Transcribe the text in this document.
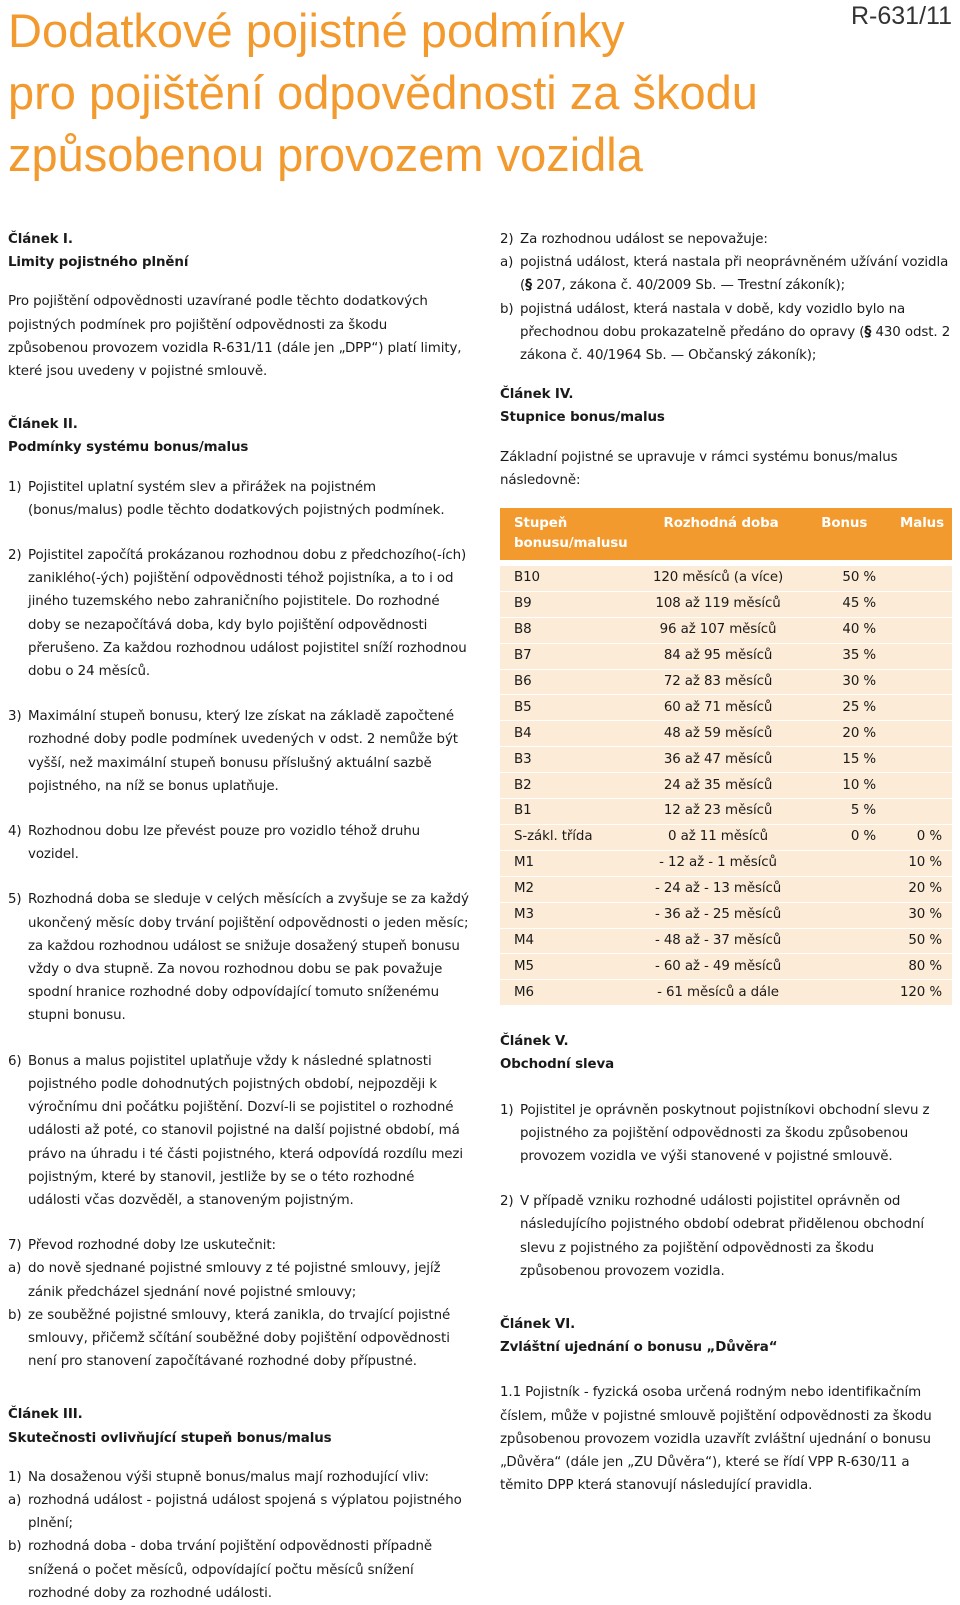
Dodatkové pojistné podmínky
pro pojištění odpovědnosti za škodu
způsobenou provozem vozidla
R-631/11
Článek I.
Limity pojistného plnění

Pro pojištění odpovědnosti uzavírané podle těchto dodatkových pojistných podmínek pro pojištění odpovědnosti za škodu způsobenou provozem vozidla R-631/11 (dále jen „DPP“) platí limity, které jsou uvedeny v pojistné smlouvě.

Článek II.
Podmínky systému bonus/malus
1) Pojistitel uplatní systém slev a přirážek na pojistném (bonus/malus) podle těchto dodatkových pojistných podmínek.
2) Pojistitel započítá prokázanou rozhodnou dobu z předchozího(-ích) zaniklého(-ých) pojištění odpovědnosti téhož pojistníka, a to i od jiného tuzemského nebo zahraničního pojistitele. Do rozhodné doby se nezapočítává doba, kdy bylo pojištění odpovědnosti přerušeno. Za každou rozhodnou událost pojistitel sníží rozhodnou dobu o 24 měsíců.
3) Maximální stupeň bonusu, který lze získat na základě započtené rozhodné doby podle podmínek uvedených v odst. 2 nemůže být vyšší, než maximální stupeň bonusu příslušný aktuální sazbě pojistného, na níž se bonus uplatňuje.
4) Rozhodnou dobu lze převést pouze pro vozidlo téhož druhu vozidel.
5) Rozhodná doba se sleduje v celých měsících a zvyšuje se za každý ukončený měsíc doby trvání pojištění odpovědnosti o jeden měsíc; za každou rozhodnou událost se snižuje dosažený stupeň bonusu vždy o dva stupně. Za novou rozhodnou dobu se pak považuje spodní hranice rozhodné doby odpovídající tomuto sníženému stupni bonusu.
6) Bonus a malus pojistitel uplatňuje vždy k následné splatnosti pojistného podle dohodnutých pojistných období, nejpozději k výročnímu dni počátku pojištění. Dozví-li se pojistitel o rozhodné události až poté, co stanovil pojistné na další pojistné období, má právo na úhradu i té části pojistného, která odpovídá rozdílu mezi pojistným, které by stanovil, jestliže by se o této rozhodné události včas dozvěděl, a stanoveným pojistným.
7) Převod rozhodné doby lze uskutečnit:
a) do nově sjednané pojistné smlouvy z té pojistné smlouvy, jejíž zánik předcházel sjednání nové pojistné smlouvy;
b) ze souběžné pojistné smlouvy, která zanikla, do trvající pojistné smlouvy, přičemž sčítání souběžné doby pojištění odpovědnosti není pro stanovení započítávané rozhodné doby přípustné.
Článek III.
Skutečnosti ovlivňující stupeň bonus/malus
1) Na dosaženou výši stupně bonus/malus mají rozhodující vliv:
a) rozhodná událost - pojistná událost spojená s výplatou pojistného plnění;
b) rozhodná doba - doba trvání pojištění odpovědnosti případně snížená o počet měsíců, odpovídající počtu měsíců snížení rozhodné doby za rozhodné události.
2) Za rozhodnou událost se nepovažuje:
a) pojistná událost, která nastala při neoprávněném užívání vozidla (§ 207, zákona č. 40/2009 Sb. — Trestní zákoník);
b) pojistná událost, která nastala v době, kdy vozidlo bylo na přechodnou dobu prokazatelně předáno do opravy (§ 430 odst. 2 zákona č. 40/1964 Sb. — Občanský zákoník);
Článek IV.
Stupnice bonus/malus

Základní pojistné se upravuje v rámci systému bonus/malus následovně:

Stupeň bonusu/malusu	Rozhodná doba	Bonus	Malus

B10	120 měsíců (a více)	50 %	
B9	108 až 119 měsíců	45 %	
B8	96 až 107 měsíců	40 %	
B7	84 až 95 měsíců	35 %	
B6	72 až 83 měsíců	30 %	
B5	60 až 71 měsíců	25 %	
B4	48 až 59 měsíců	20 %	
B3	36 až 47 měsíců	15 %	
B2	24 až 35 měsíců	10 %	
B1	12 až 23 měsíců	5 %	
S-zákl. třída	0 až 11 měsíců	0 %	0 %
M1	- 12 až - 1 měsíců		10 %
M2	- 24 až - 13 měsíců		20 %
M3	- 36 až - 25 měsíců		30 %
M4	- 48 až - 37 měsíců		50 %
M5	- 60 až - 49 měsíců		80 %
M6	- 61 měsíců a dále		120 %
Článek V.
Obchodní sleva
1) Pojistitel je oprávněn poskytnout pojistníkovi obchodní slevu z pojistného za pojištění odpovědnosti za škodu způsobenou provozem vozidla ve výši stanovené v pojistné smlouvě.
2) V případě vzniku rozhodné události pojistitel oprávněn od následujícího pojistného období odebrat přidělenou obchodní slevu z pojistného za pojištění odpovědnosti za škodu způsobenou provozem vozidla.
Článek VI.
Zvláštní ujednání o bonusu „Důvěra“

1.1 Pojistník - fyzická osoba určená rodným nebo identifikačním číslem, může v pojistné smlouvě pojištění odpovědnosti za škodu způsobenou provozem vozidla uzavřít zvláštní ujednání o bonusu „Důvěra“ (dále jen „ZU Důvěra“), které se řídí VPP R-630/11 a těmito DPP která stanovují následující pravidla.
